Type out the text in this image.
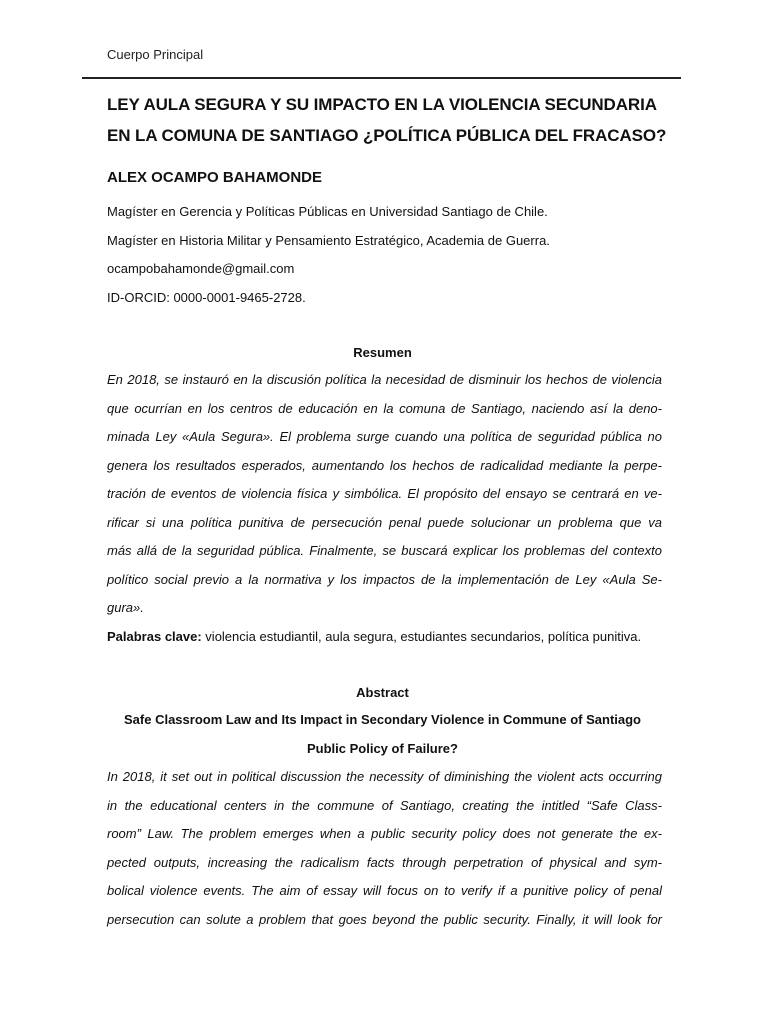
Cuerpo Principal
LEY AULA SEGURA Y SU IMPACTO EN LA VIOLENCIA SECUNDARIA
EN LA COMUNA DE SANTIAGO ¿POLÍTICA PÚBLICA DEL FRACASO?
ALEX OCAMPO BAHAMONDE
Magíster en Gerencia y Políticas Públicas en Universidad Santiago de Chile.
Magíster en Historia Militar y Pensamiento Estratégico, Academia de Guerra.
ocampobahamonde@gmail.com
ID-ORCID: 0000-0001-9465-2728.
Resumen
En 2018, se instauró en la discusión política la necesidad de disminuir los hechos de violencia
que ocurrían en los centros de educación en la comuna de Santiago, naciendo así la deno-
minada Ley «Aula Segura». El problema surge cuando una política de seguridad pública no
genera los resultados esperados, aumentando los hechos de radicalidad mediante la perpe-
tración de eventos de violencia física y simbólica. El propósito del ensayo se centrará en ve-
rificar si una política punitiva de persecución penal puede solucionar un problema que va
más allá de la seguridad pública. Finalmente, se buscará explicar los problemas del contexto
político social previo a la normativa y los impactos de la implementación de Ley «Aula Se-
gura».
Palabras clave: violencia estudiantil, aula segura, estudiantes secundarios, política punitiva.
Abstract
Safe Classroom Law and Its Impact in Secondary Violence in Commune of Santiago
Public Policy of Failure?
In 2018, it set out in political discussion the necessity of diminishing the violent acts occurring
in the educational centers in the commune of Santiago, creating the intitled “Safe Class-
room” Law. The problem emerges when a public security policy does not generate the ex-
pected outputs, increasing the radicalism facts through perpetration of physical and sym-
bolical violence events. The aim of essay will focus on to verify if a punitive policy of penal
persecution can solute a problem that goes beyond the public security. Finally, it will look for
